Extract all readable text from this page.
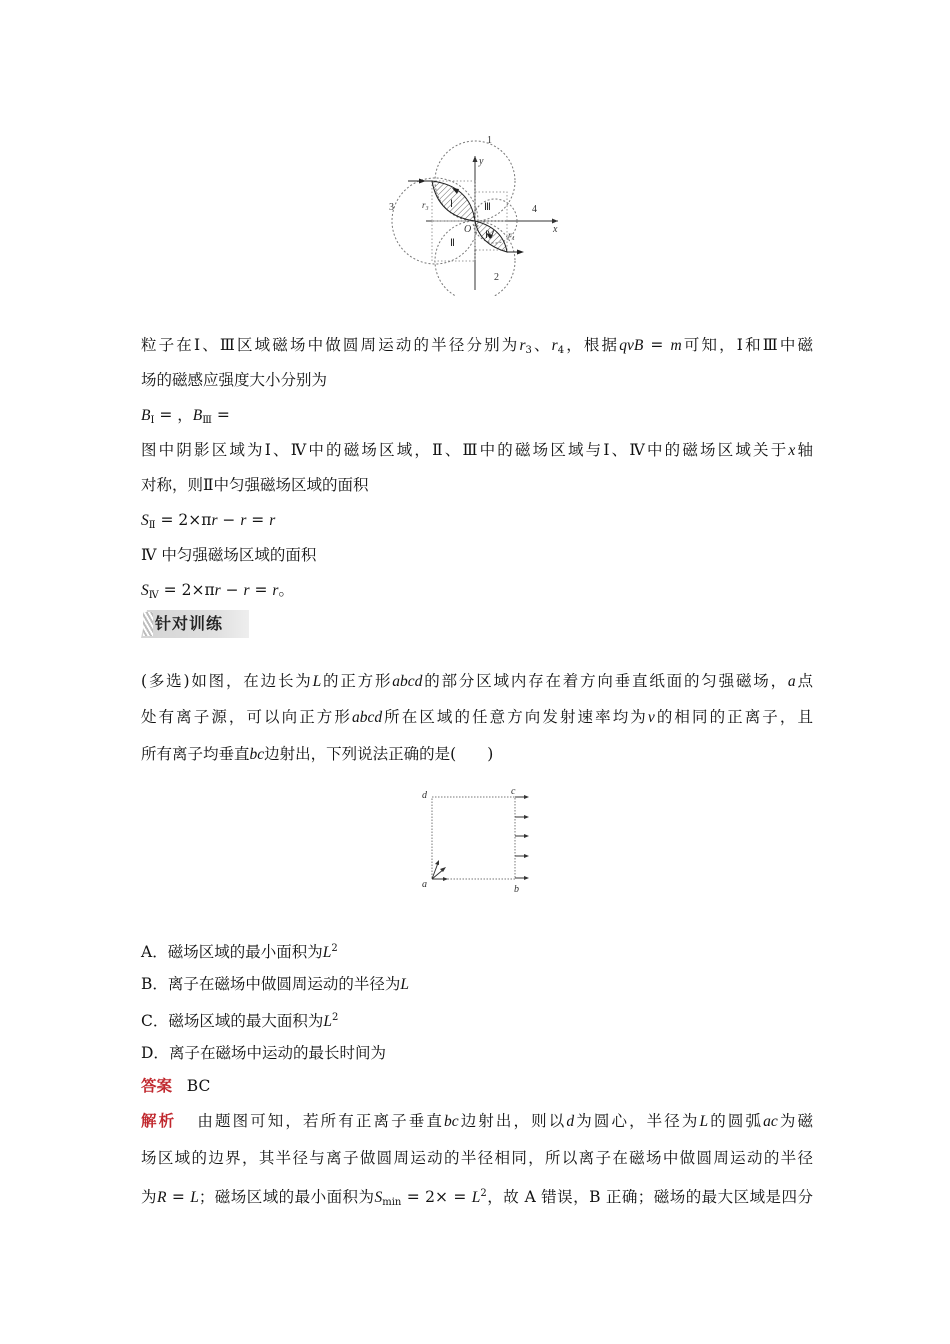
1
2
3	4
y
x
O
r₃
r₄
Ⅰ
Ⅱ
Ⅲ
Ⅳ
粒子在Ⅰ、Ⅲ区域磁场中做圆周运动的半径分别为$r_3$、$r_4$，根据qvB = m可知，Ⅰ和Ⅲ中磁
场的磁感应强度大小分别为
$B_Ⅰ$ = ，$B_Ⅲ$ =
图中阴影区域为Ⅰ、Ⅳ中的磁场区域，Ⅱ、Ⅲ中的磁场区域与Ⅰ、Ⅳ中的磁场区域关于x轴
对称，则Ⅱ中匀强磁场区域的面积
$S_Ⅱ = 2\times\pi r - r = r$
Ⅳ 中匀强磁场区域的面积
$S_Ⅳ = 2\times\pi r - r = r$。
针对训练
(多选)如图，在边长为L的正方形abcd的部分区域内存在着方向垂直纸面的匀强磁场，a点
处有离子源，可以向正方形abcd所在区域的任意方向发射速率均为v的相同的正离子，且
所有离子均垂直bc边射出，下列说法正确的是(　　)
d	c
a	b
A．磁场区域的最小面积为$L^2$
B．离子在磁场中做圆周运动的半径为L
C．磁场区域的最大面积为$L^2$
D．离子在磁场中运动的最长时间为
答案 BC
解析 由题图可知，若所有正离子垂直bc边射出，则以d为圆心，半径为L的圆弧ac为磁
场区域的边界，其半径与离子做圆周运动的半径相同，所以离子在磁场中做圆周运动的半径
为R = L；磁场区域的最小面积为$S_{min} = 2\times = L^2$，故 A 错误，B 正确；磁场的最大区域是四分
